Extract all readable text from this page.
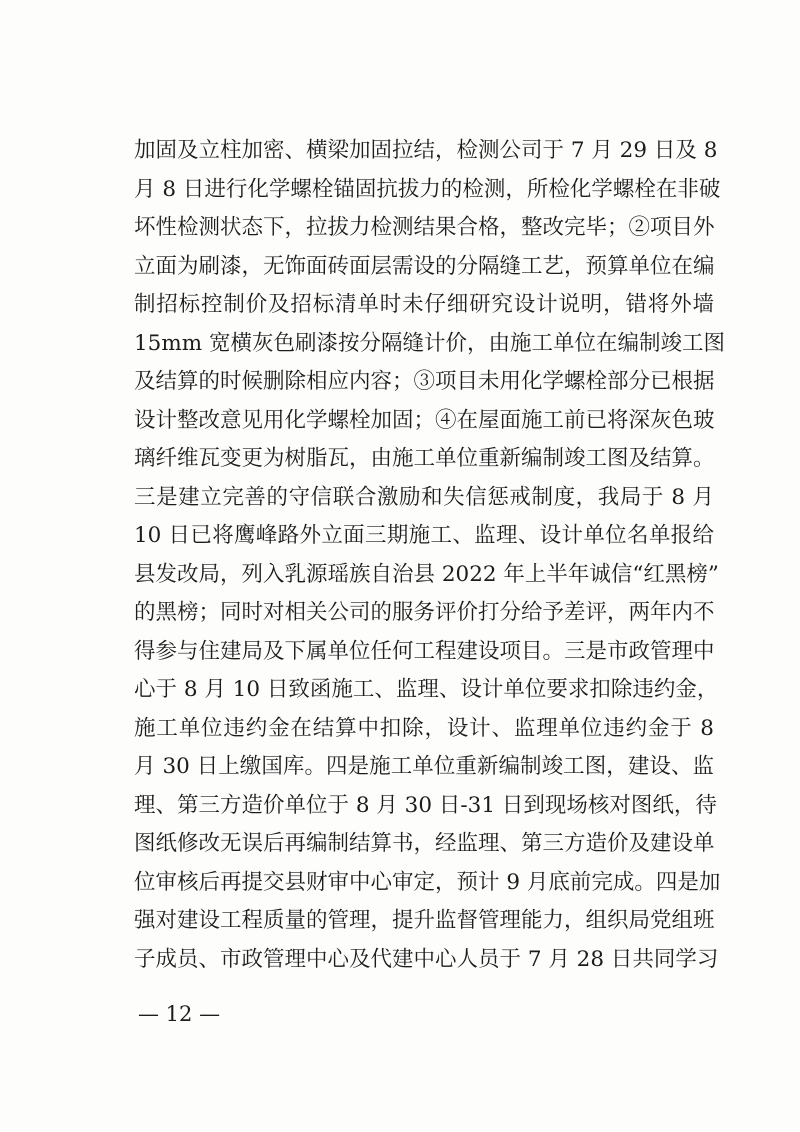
加固及立柱加密、横梁加固拉结，检测公司于 7 月 29 日及 8
月 8 日进行化学螺栓锚固抗拔力的检测，所检化学螺栓在非破
坏性检测状态下，拉拔力检测结果合格，整改完毕；②项目外
立面为刷漆，无饰面砖面层需设的分隔缝工艺，预算单位在编
制招标控制价及招标清单时未仔细研究设计说明，错将外墙
15mm 宽横灰色刷漆按分隔缝计价，由施工单位在编制竣工图
及结算的时候删除相应内容；③项目未用化学螺栓部分已根据
设计整改意见用化学螺栓加固；④在屋面施工前已将深灰色玻
璃纤维瓦变更为树脂瓦，由施工单位重新编制竣工图及结算。
三是建立完善的守信联合激励和失信惩戒制度，我局于 8 月
10 日已将鹰峰路外立面三期施工、监理、设计单位名单报给
县发改局，列入乳源瑶族自治县 2022 年上半年诚信“红黑榜”
的黑榜；同时对相关公司的服务评价打分给予差评，两年内不
得参与住建局及下属单位任何工程建设项目。三是市政管理中
心于 8 月 10 日致函施工、监理、设计单位要求扣除违约金，
施工单位违约金在结算中扣除，设计、监理单位违约金于 8
月 30 日上缴国库。四是施工单位重新编制竣工图，建设、监
理、第三方造价单位于 8 月 30 日-31 日到现场核对图纸，待
图纸修改无误后再编制结算书，经监理、第三方造价及建设单
位审核后再提交县财审中心审定，预计 9 月底前完成。四是加
强对建设工程质量的管理，提升监督管理能力，组织局党组班
子成员、市政管理中心及代建中心人员于 7 月 28 日共同学习
— 12 —
